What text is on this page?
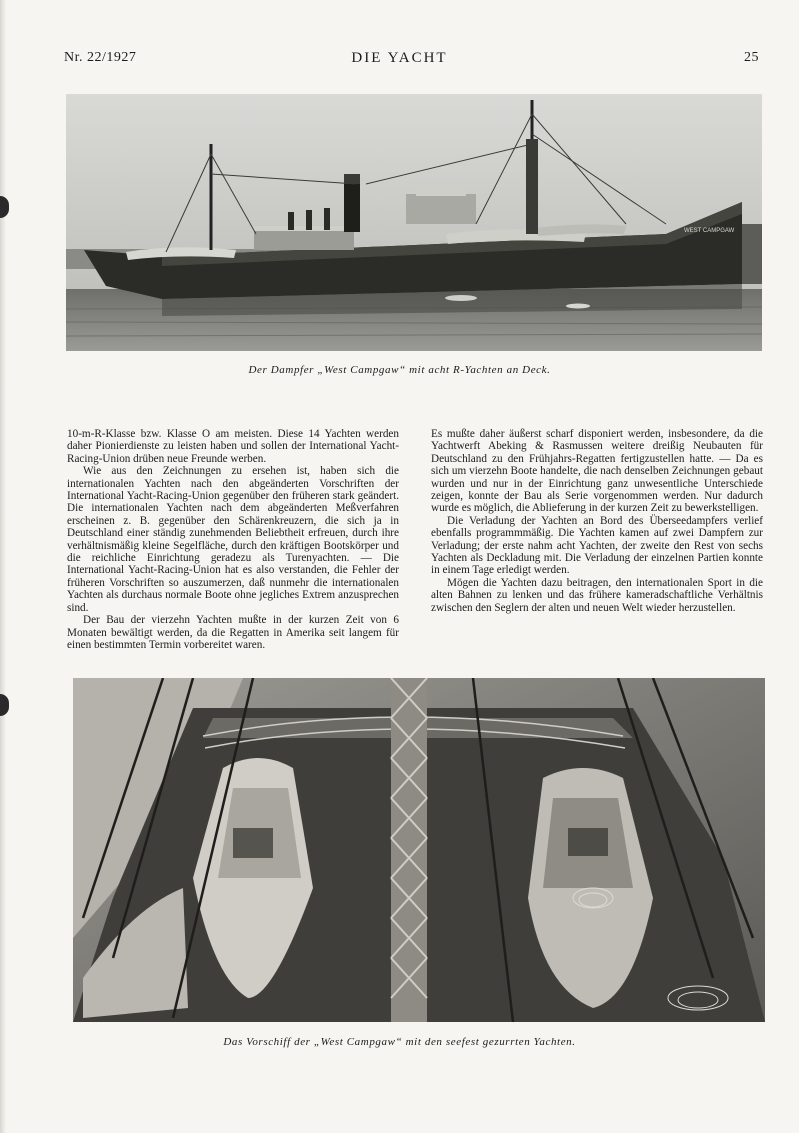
Nr. 22/1927	DIE YACHT	25
WEST CAMPGAW
Der Dampfer „West Campgaw“ mit acht R-Yachten an Deck.

10-m-R-Klasse bzw. Klasse O am meisten. Diese 14 Yachten werden daher Pionierdienste zu leisten haben und sollen der International Yacht-Racing-Union drüben neue Freunde werben.

Wie aus den Zeichnungen zu ersehen ist, haben sich die internationalen Yachten nach den abgeänderten Vorschriften der International Yacht-Racing-Union gegenüber den früheren stark geändert. Die internationalen Yachten nach dem abgeänderten Meßverfahren erscheinen z. B. gegenüber den Schärenkreuzern, die sich ja in Deutschland einer ständig zunehmenden Beliebtheit erfreuen, durch ihre verhältnismäßig kleine Segelfläche, durch den kräftigen Bootskörper und die reichliche Einrichtung geradezu als Turenyachten. — Die International Yacht-Racing-Union hat es also verstanden, die Fehler der früheren Vorschriften so auszumerzen, daß nunmehr die internationalen Yachten als durchaus normale Boote ohne jegliches Extrem anzusprechen sind.

Der Bau der vierzehn Yachten mußte in der kurzen Zeit von 6 Monaten bewältigt werden, da die Regatten in Amerika seit langem für einen bestimmten Termin vorbereitet waren.

Es mußte daher äußerst scharf disponiert werden, insbesondere, da die Yachtwerft Abeking & Rasmussen weitere dreißig Neubauten für Deutschland zu den Frühjahrs-Regatten fertigzustellen hatte. — Da es sich um vierzehn Boote handelte, die nach denselben Zeichnungen gebaut wurden und nur in der Einrichtung ganz unwesentliche Unterschiede zeigen, konnte der Bau als Serie vorgenommen werden. Nur dadurch wurde es möglich, die Ablieferung in der kurzen Zeit zu bewerkstelligen.

Die Verladung der Yachten an Bord des Überseedampfers verlief ebenfalls programmmäßig. Die Yachten kamen auf zwei Dampfern zur Verladung; der erste nahm acht Yachten, der zweite den Rest von sechs Yachten als Deckladung mit. Die Verladung der einzelnen Partien konnte in einem Tage erledigt werden.

Mögen die Yachten dazu beitragen, den internationalen Sport in die alten Bahnen zu lenken und das frühere kameradschaftliche Verhältnis zwischen den Seglern der alten und neuen Welt wieder herzustellen.

Das Vorschiff der „West Campgaw“ mit den seefest gezurrten Yachten.
